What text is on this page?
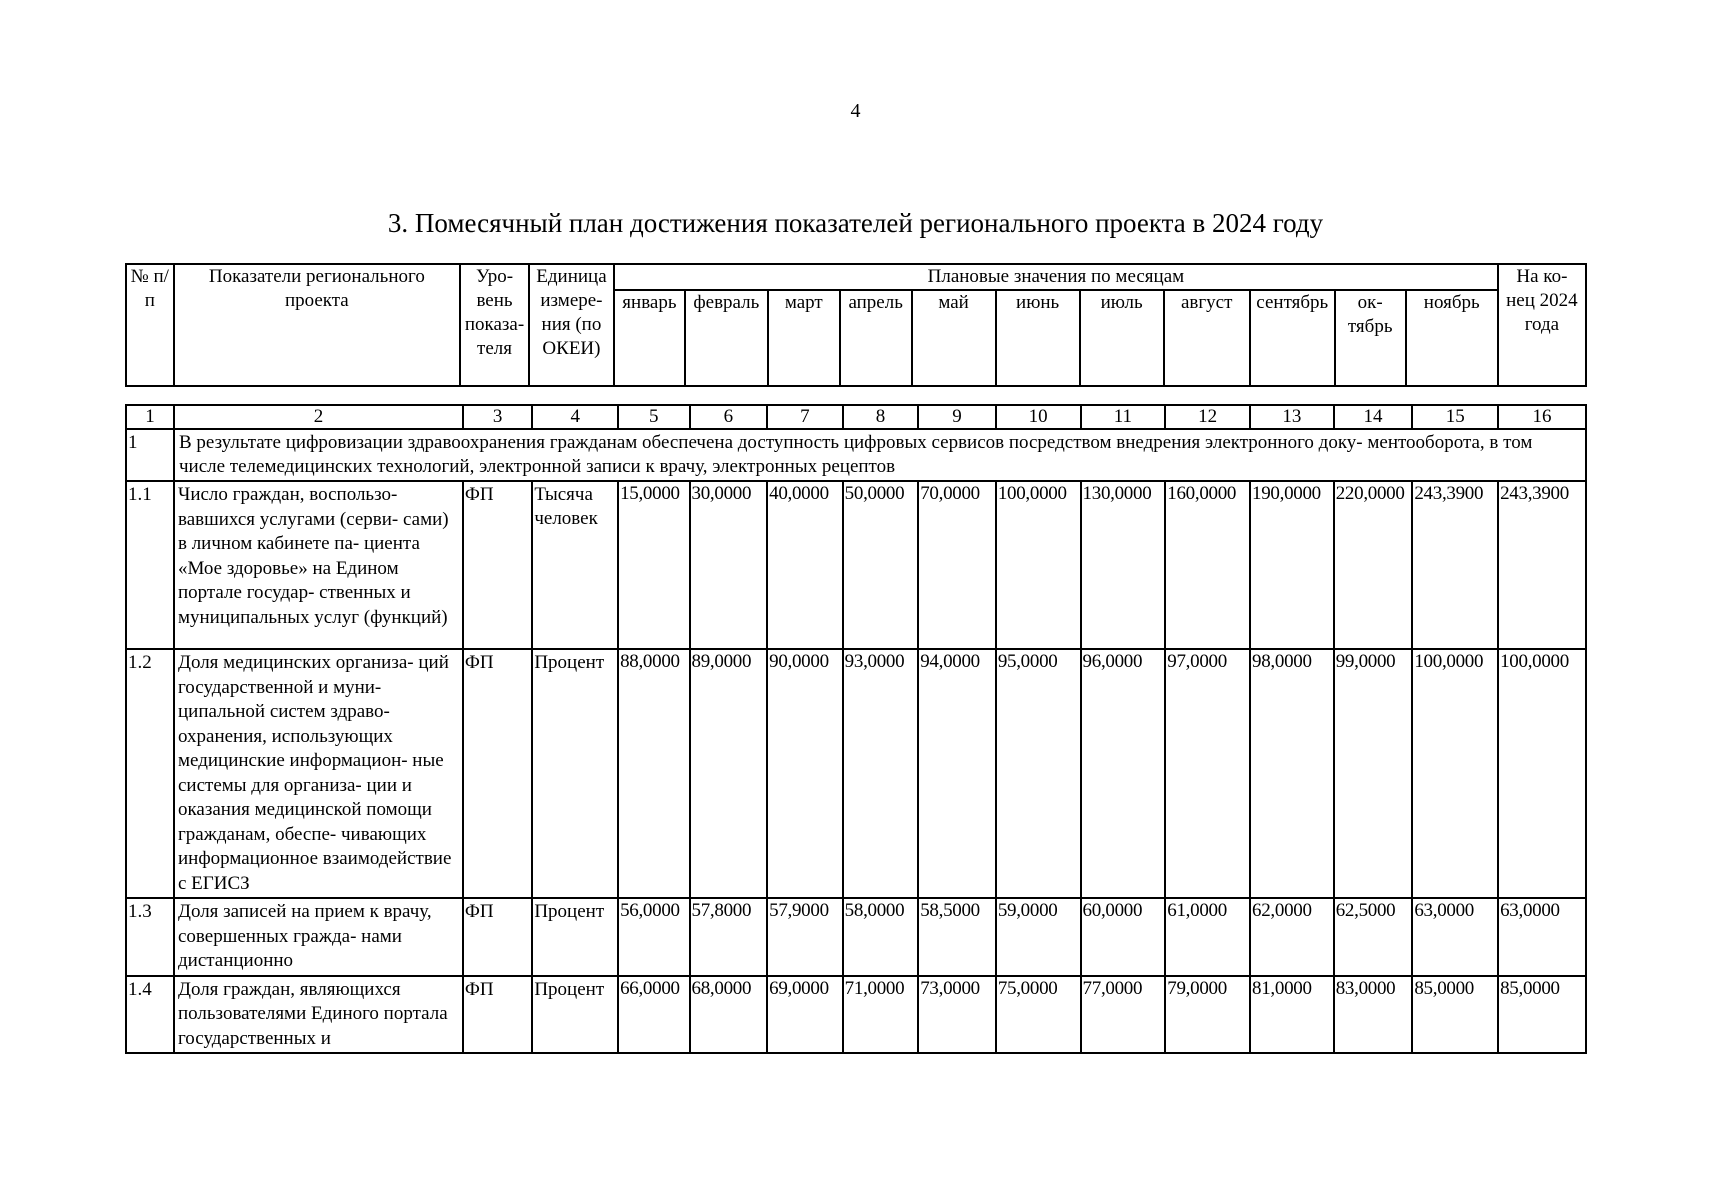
4
3. Помесячный план достижения показателей регионального проекта в 2024 году
№ п/п	Показатели регионального проекта	Уро- вень показа- теля	Единица измере- ния (по ОКЕИ)	Плановые значения по месяцам											На ко- нец 2024 года
				январь	февраль	март	апрель	май	июнь	июль	август	сентябрь	ок- тябрь	ноябрь	
1	2	3	4	5	6	7	8	9	10	11	12	13	14	15	16
1	В результате цифровизации здравоохранения гражданам обеспечена доступность цифровых сервисов посредством внедрения электронного доку- ментооборота, в том числе телемедицинских технологий, электронной записи к врачу, электронных рецептов														
1.1	Число граждан, воспользо- вавшихся услугами (серви- сами) в личном кабинете па- циента «Мое здоровье» на Едином портале государ- ственных и муниципальных услуг (функций)	ФП	Тысяча человек	15,0000	30,0000	40,0000	50,0000	70,0000	100,0000	130,0000	160,0000	190,0000	220,0000	243,3900	243,3900
1.2	Доля медицинских организа- ций государственной и муни- ципальной систем здраво- охранения, использующих медицинские информацион- ные системы для организа- ции и оказания медицинской помощи гражданам, обеспе- чивающих информационное взаимодействие с ЕГИСЗ	ФП	Процент	88,0000	89,0000	90,0000	93,0000	94,0000	95,0000	96,0000	97,0000	98,0000	99,0000	100,0000	100,0000
1.3	Доля записей на прием к врачу, совершенных гражда- нами дистанционно	ФП	Процент	56,0000	57,8000	57,9000	58,0000	58,5000	59,0000	60,0000	61,0000	62,0000	62,5000	63,0000	63,0000
1.4	Доля граждан, являющихся пользователями Единого портала государственных и	ФП	Процент	66,0000	68,0000	69,0000	71,0000	73,0000	75,0000	77,0000	79,0000	81,0000	83,0000	85,0000	85,0000
